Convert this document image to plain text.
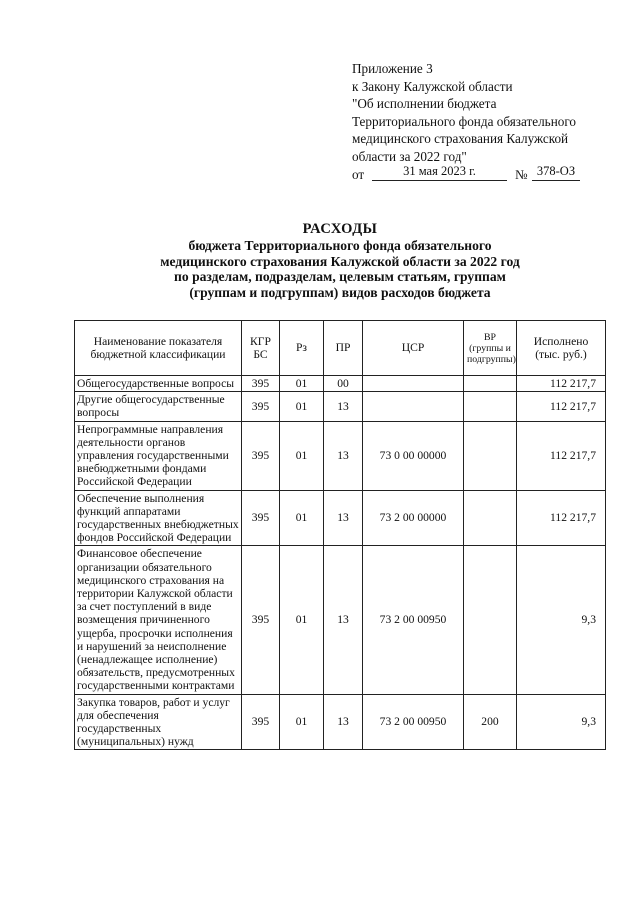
Приложение 3
к Закону Калужской области
"Об исполнении бюджета
Территориального фонда обязательного
медицинского страхования Калужской
области за 2022 год"
от	31 мая 2023 г.	№ 378-ОЗ
РАСХОДЫ
бюджета Территориального фонда обязательного
медицинского страхования Калужской области за 2022 год
по разделам, подразделам, целевым статьям, группам
(группам и подгруппам) видов расходов бюджета
Наименование показателя бюджетной классификации	КГР БС	Рз	ПР	ЦСР	ВР (группы и подгруппы)	Исполнено (тыс. руб.)
Общегосударственные вопросы	395	01	00			112 217,7
Другие общегосударственные вопросы	395	01	13			112 217,7
Непрограммные направления деятельности органов управления государственными внебюджетными фондами Российской Федерации	395	01	13	73 0 00 00000		112 217,7
Обеспечение выполнения функций аппаратами государственных внебюджетных фондов Российской Федерации	395	01	13	73 2 00 00000		112 217,7
Финансовое обеспечение организации обязательного медицинского страхования на территории Калужской области за счет поступлений в виде возмещения причиненного ущерба, просрочки исполнения и нарушений за неисполнение (ненадлежащее исполнение) обязательств, предусмотренных государственными контрактами	395	01	13	73 2 00 00950		9,3
Закупка товаров, работ и услуг для обеспечения государственных (муниципальных) нужд	395	01	13	73 2 00 00950	200	9,3
